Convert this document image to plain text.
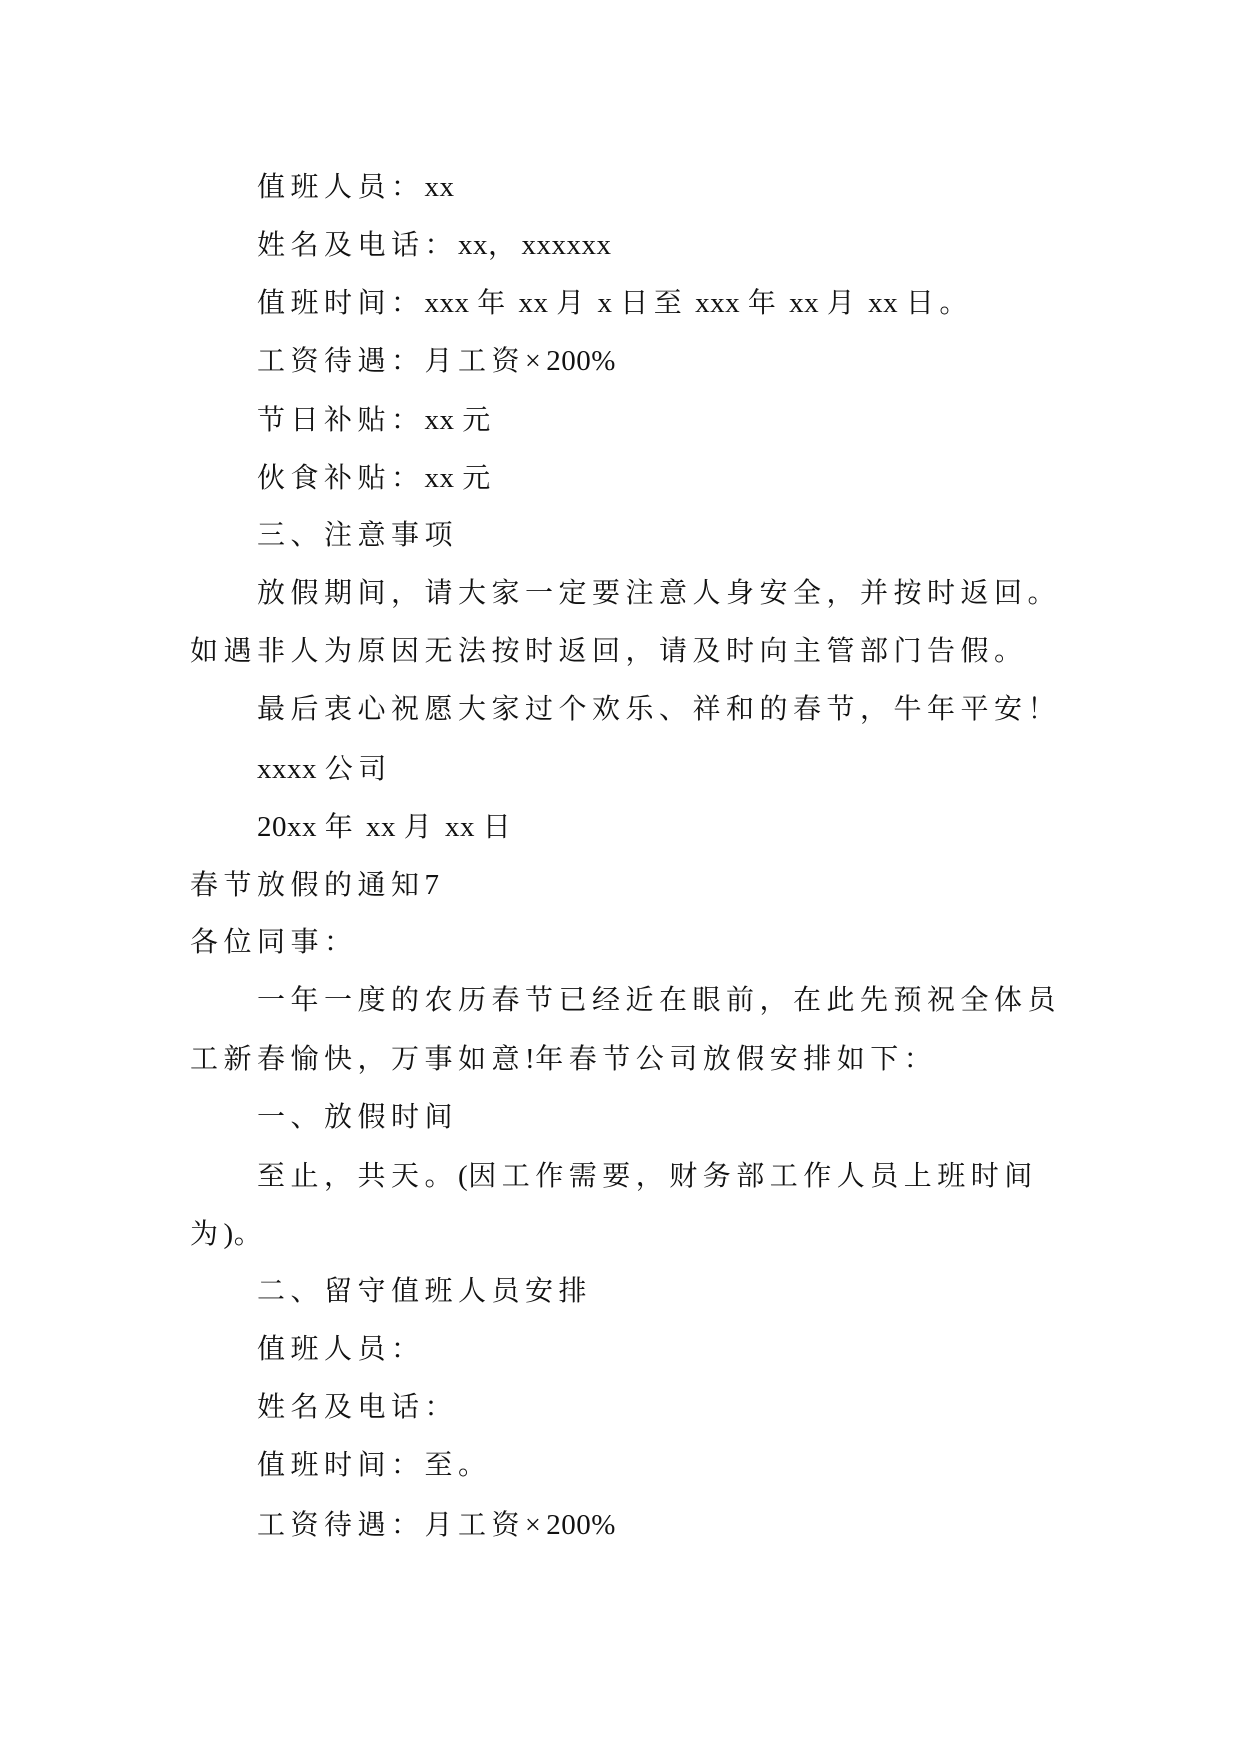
值班人员：xx
姓名及电话：xx，xxxxxx
值班时间：xxx 年 xx 月 x 日至 xxx 年 xx 月 xx 日。
工资待遇：月工资×200%
节日补贴：xx 元
伙食补贴：xx 元
三、注意事项
放假期间，请大家一定要注意人身安全，并按时返回。
如遇非人为原因无法按时返回，请及时向主管部门告假。
最后衷心祝愿大家过个欢乐、祥和的春节，牛年平安！
xxxx 公司
20xx 年 xx 月 xx 日
春节放假的通知7
各位同事：
一年一度的农历春节已经近在眼前，在此先预祝全体员
工新春愉快，万事如意!年春节公司放假安排如下：
一、放假时间
至止，共天。(因工作需要，财务部工作人员上班时间
为)。
二、留守值班人员安排
值班人员：
姓名及电话：
值班时间：至。
工资待遇：月工资×200%
